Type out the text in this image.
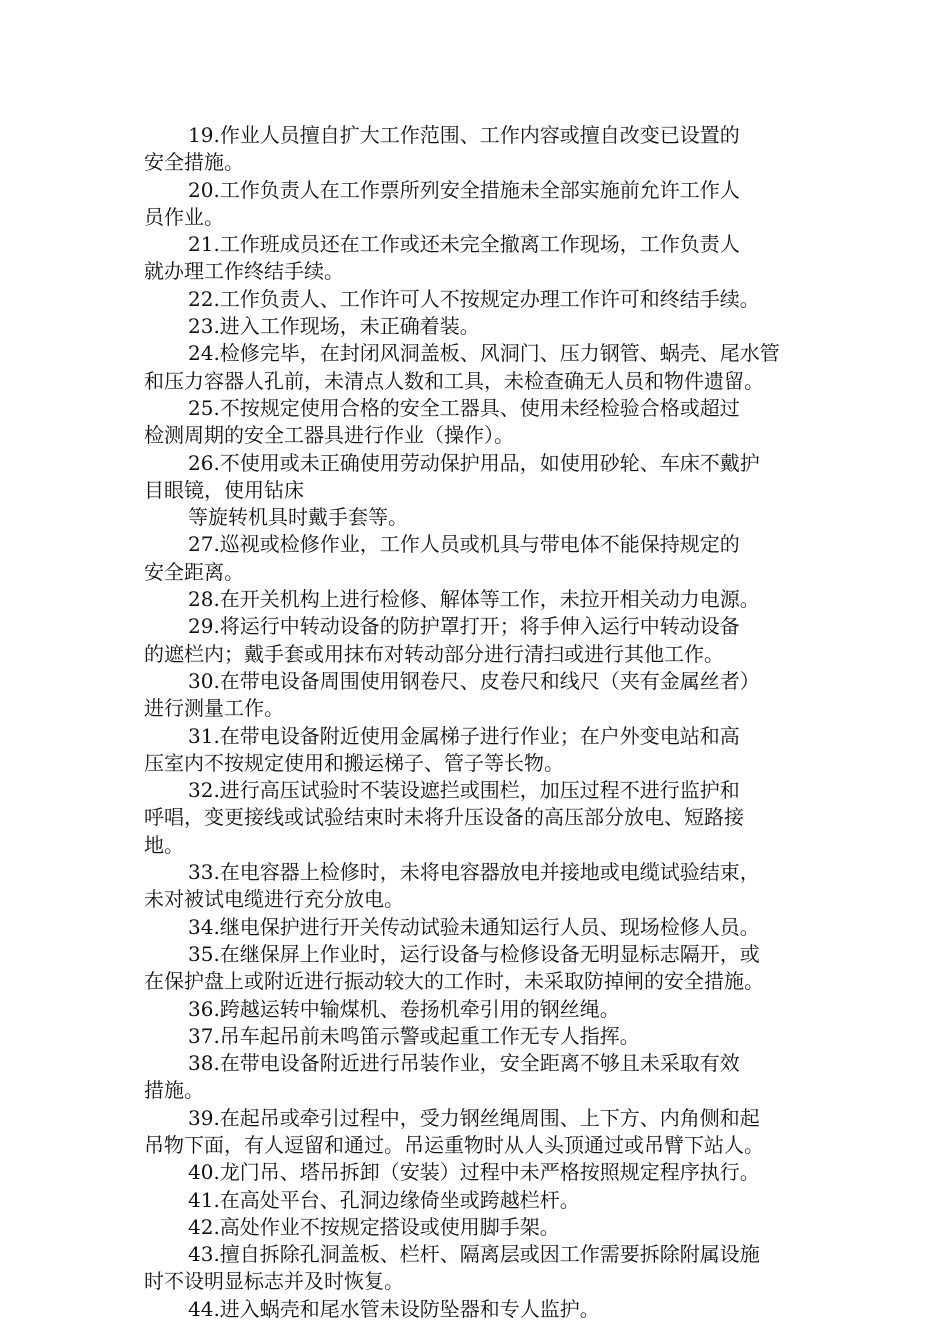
19.作业人员擅自扩大工作范围、工作内容或擅自改变已设置的
安全措施。
20.工作负责人在工作票所列安全措施未全部实施前允许工作人
员作业。
21.工作班成员还在工作或还未完全撤离工作现场，工作负责人
就办理工作终结手续。
22.工作负责人、工作许可人不按规定办理工作许可和终结手续。
23.进入工作现场，未正确着装。
24.检修完毕，在封闭风洞盖板、风洞门、压力钢管、蜗壳、尾水管
和压力容器人孔前，未清点人数和工具，未检查确无人员和物件遗留。
25.不按规定使用合格的安全工器具、使用未经检验合格或超过
检测周期的安全工器具进行作业（操作）。
26.不使用或未正确使用劳动保护用品，如使用砂轮、车床不戴护
目眼镜，使用钻床
等旋转机具时戴手套等。
27.巡视或检修作业，工作人员或机具与带电体不能保持规定的
安全距离。
28.在开关机构上进行检修、解体等工作，未拉开相关动力电源。
29.将运行中转动设备的防护罩打开；将手伸入运行中转动设备
的遮栏内；戴手套或用抹布对转动部分进行清扫或进行其他工作。
30.在带电设备周围使用钢卷尺、皮卷尺和线尺（夹有金属丝者）
进行测量工作。
31.在带电设备附近使用金属梯子进行作业；在户外变电站和高
压室内不按规定使用和搬运梯子、管子等长物。
32.进行高压试验时不装设遮拦或围栏，加压过程不进行监护和
呼唱，变更接线或试验结束时未将升压设备的高压部分放电、短路接
地。
33.在电容器上检修时，未将电容器放电并接地或电缆试验结束，
未对被试电缆进行充分放电。
34.继电保护进行开关传动试验未通知运行人员、现场检修人员。
35.在继保屏上作业时，运行设备与检修设备无明显标志隔开，或
在保护盘上或附近进行振动较大的工作时，未采取防掉闸的安全措施。
36.跨越运转中输煤机、卷扬机牵引用的钢丝绳。
37.吊车起吊前未鸣笛示警或起重工作无专人指挥。
38.在带电设备附近进行吊装作业，安全距离不够且未采取有效
措施。
39.在起吊或牵引过程中，受力钢丝绳周围、上下方、内角侧和起
吊物下面，有人逗留和通过。吊运重物时从人头顶通过或吊臂下站人。
40.龙门吊、塔吊拆卸（安装）过程中未严格按照规定程序执行。
41.在高处平台、孔洞边缘倚坐或跨越栏杆。
42.高处作业不按规定搭设或使用脚手架。
43.擅自拆除孔洞盖板、栏杆、隔离层或因工作需要拆除附属设施
时不设明显标志并及时恢复。
44.进入蜗壳和尾水管未设防坠器和专人监护。
